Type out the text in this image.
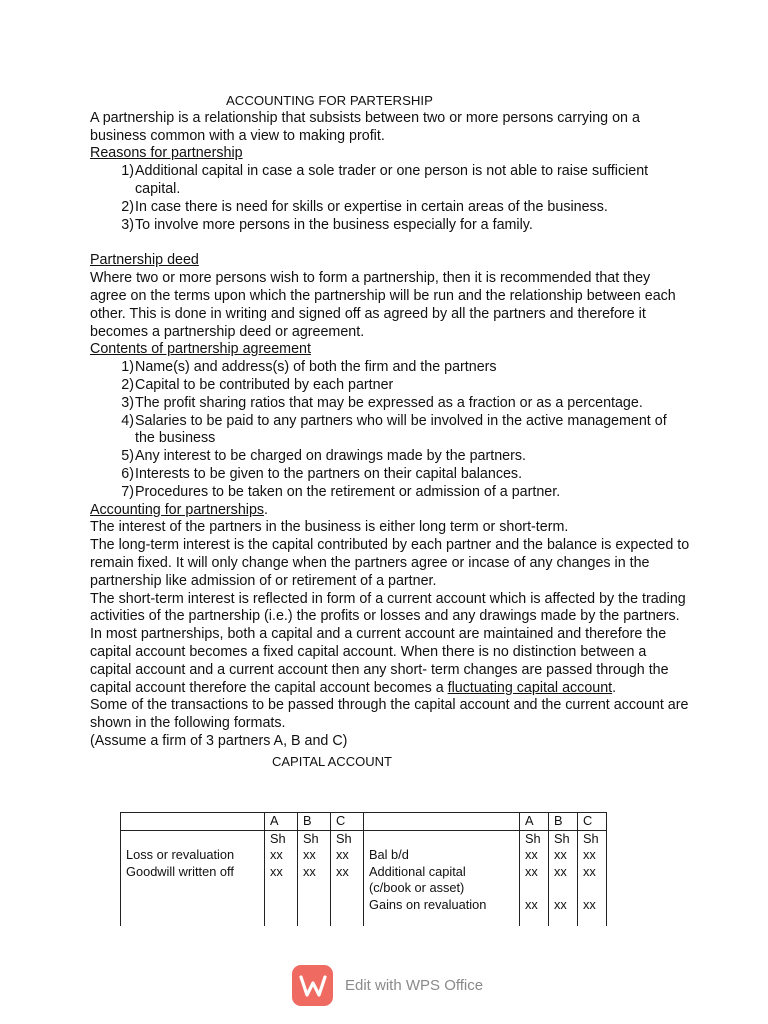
ACCOUNTING FOR PARTERSHIP
A partnership is a relationship that subsists between two or more persons carrying on a business common with a view to making profit.
Reasons for partnership
1) Additional capital in case a sole trader or one person is not able to raise sufficient capital.
2) In case there is need for skills or expertise in certain areas of the business.
3) To involve more persons in the business especially for a family.
Partnership deed
Where two or more persons wish to form a partnership, then it is recommended that they agree on the terms upon which the partnership will be run and the relationship between each other. This is done in writing and signed off as agreed by all the partners and therefore it becomes a partnership deed or agreement.
Contents of partnership agreement
1) Name(s) and address(s) of both the firm and the partners
2) Capital to be contributed by each partner
3) The profit sharing ratios that may be expressed as a fraction or as a percentage.
4) Salaries to be paid to any partners who will be involved in the active management of the business
5) Any interest to be charged on drawings made by the partners.
6) Interests to be given to the partners on their capital balances.
7) Procedures to be taken on the retirement or admission of a partner.
Accounting for partnerships.
The interest of the partners in the business is either long term or short-term.
The long-term interest is the capital contributed by each partner and the balance is expected to remain fixed. It will only change when the partners agree or incase of any changes in the partnership like admission of or retirement of a partner.
The short-term interest is reflected in form of a current account which is affected by the trading activities of the partnership (i.e.) the profits or losses and any drawings made by the partners.
In most partnerships, both a capital and a current account are maintained and therefore the capital account becomes a fixed capital account. When there is no distinction between a capital account and a current account then any short- term changes are passed through the capital account therefore the capital account becomes a fluctuating capital account.
Some of the transactions to be passed through the capital account and the current account are shown in the following formats.
(Assume a firm of 3 partners A, B and C)
CAPITAL ACCOUNT
	A	B	C		A	B	C
	Sh	Sh	Sh		Sh	Sh	Sh
Loss or revaluation	xx	xx	xx	Bal b/d	xx	xx	xx
Goodwill written off	xx	xx	xx	Additional capital	xx	xx	xx
				(c/book or asset)			
				Gains on revaluation	xx	xx	xx

Edit with WPS Office
